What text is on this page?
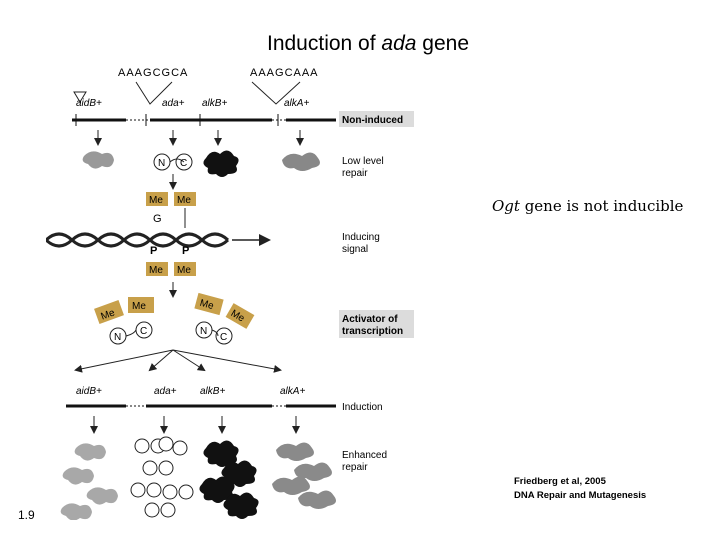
Induction of ada gene
AAAGCGCA	AAAGCAAA
aidB+	ada+ alkB+	alkA+
Non-induced
N C	Low level
repair
Me Me
G
P P
Inducing
signal
Me Me
Me
Me
N
C
Me
Me
N
C
Activator of
transcription
aidB+	ada+ alkB+	alkA+
Induction
Enhanced
repair
Ogt gene is not inducible
Friedberg et al, 2005
DNA Repair and Mutagenesis
1.9
